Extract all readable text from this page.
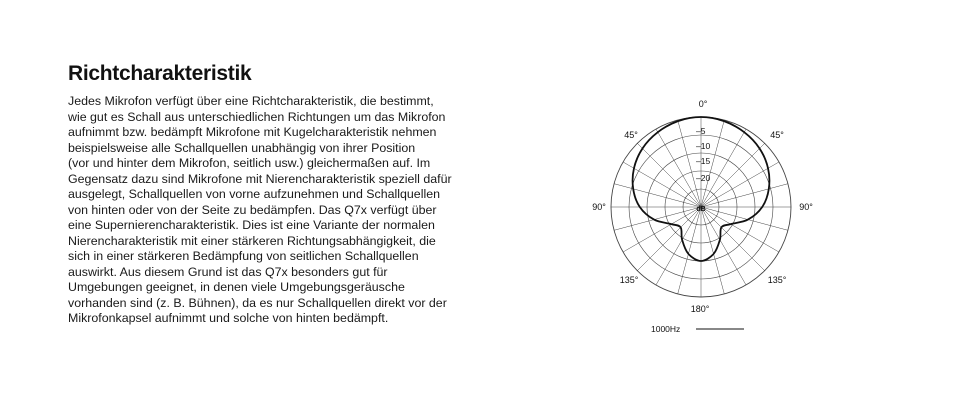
Richtcharakteristik

Jedes Mikrofon verfügt über eine Richtcharakteristik, die bestimmt,
wie gut es Schall aus unterschiedlichen Richtungen um das Mikrofon
aufnimmt bzw. bedämpft Mikrofone mit Kugelcharakteristik nehmen
beispielsweise alle Schallquellen unabhängig von ihrer Position
(vor und hinter dem Mikrofon, seitlich usw.) gleichermaßen auf. Im
Gegensatz dazu sind Mikrofone mit Nierencharakteristik speziell dafür
ausgelegt, Schallquellen von vorne aufzunehmen und Schallquellen
von hinten oder von der Seite zu bedämpfen. Das Q7x verfügt über
eine Supernierencharakteristik. Dies ist eine Variante der normalen
Nierencharakteristik mit einer stärkeren Richtungsabhängigkeit, die
sich in einer stärkeren Bedämpfung von seitlichen Schallquellen
auswirkt. Aus diesem Grund ist das Q7x besonders gut für
Umgebungen geeignet, in denen viele Umgebungsgeräusche
vorhanden sind (z. B. Bühnen), da es nur Schallquellen direkt vor der
Mikrofonkapsel aufnimmt und solche von hinten bedämpft.

0°
45°	45°
90°	90°
135°	135°
180°
–5
–10
–15
–20
dB
1000Hz
